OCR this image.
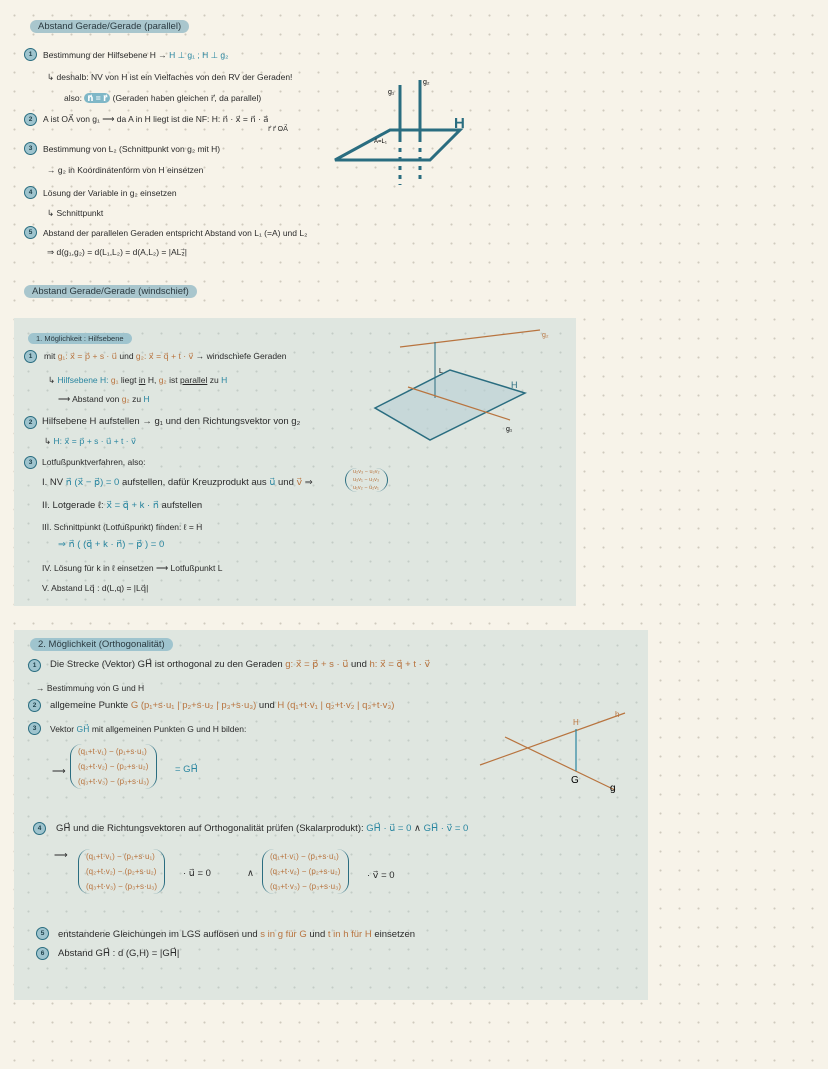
Abstand Gerade/Gerade (parallel)
1	Bestimmung der Hilfsebene H → H ⊥ g₁ ; H ⊥ g₂
↳ deshalb: NV von H ist ein Vielfaches von den RV der Geraden!
also: n⃗ = r⃗ (Geraden haben gleichen r⃗, da parallel)
2	A ist OA⃗ von g₁ ⟶ da A in H liegt ist die NF: H: n⃗ · x⃗ = n⃗ · a⃗
r⃗ r⃗ OA⃗
3	Bestimmung von L₂ (Schnittpunkt von g₂ mit H)
→ g₂ in Koordinatenform von H einsetzen
4	Lösung der Variable in g₂ einsetzen
↳ Schnittpunkt
5	Abstand der parallelen Geraden entspricht Abstand von L₁ (=A) und L₂
⇒ d(g₁,g₂) = d(L₁,L₂) = d(A,L₂) = |AL₂⃗|
g₁
g₂
H
A=L₁
Abstand Gerade/Gerade (windschief)
1. Möglichkeit : Hilfsebene
1	mit g₁: x⃗ = p⃗ + s · u⃗ und g₂: x⃗ = q⃗ + t · v⃗ → windschiefe Geraden
↳ Hilfsebene H: g₁ liegt in H, g₂ ist parallel zu H
⟶ Abstand von g₂ zu H
2	Hilfsebene H aufstellen → g₁ und den Richtungsvektor von g₂
↳ H: x⃗ = p⃗ + s · u⃗ + t · v⃗
3	Lotfußpunktverfahren, also:
I. NV n⃗ (x⃗ − p⃗) = 0 aufstellen, dafür Kreuzprodukt aus u⃗ und v⃗ ⇒
u₂v₃ − u₃v₂
u₃v₁ − u₁v₃
u₁v₂ − u₂v₁
II. Lotgerade ℓ: x⃗ = q⃗ + k · n⃗ aufstellen
III. Schnittpunkt (Lotfußpunkt) finden: ℓ = H
⇒ n⃗ ( (q⃗ + k · n⃗) − p⃗ ) = 0
IV. Lösung für k in ℓ einsetzen ⟶ Lotfußpunkt L
V. Abstand Lq⃗ : d(L,q) = |Lq⃗|
g₂
L
H
g₁
2. Möglichkeit (Orthogonalität)
1	Die Strecke (Vektor) GH⃗ ist orthogonal zu den Geraden g: x⃗ = p⃗ + s · u⃗ und h: x⃗ = q⃗ + t · v⃗
→ Bestimmung von G und H
2	allgemeine Punkte G (p₁+s·u₁ | p₂+s·u₂ | p₃+s·u₃) und H (q₁+t·v₁ | q₂+t·v₂ | q₃+t·v₃)
3	Vektor GH⃗ mit allgemeinen Punkten G und H bilden:
⟶
(q₁+t·v₁) − (p₁+s·u₁)
(q₂+t·v₂) − (p₂+s·u₂)
(q₃+t·v₃) − (p₃+s·u₃)
= GH⃗
4	GH⃗ und die Richtungsvektoren auf Orthogonalität prüfen (Skalarprodukt): GH⃗ · u⃗ = 0 ∧ GH⃗ · v⃗ = 0
⟶ (q₁+t·v₁) − (p₁+s·u₁)
(q₂+t·v₂) − (p₂+s·u₂)
(q₃+t·v₃) − (p₃+s·u₃)
· u⃗ = 0	∧
(q₁+t·v₁) − (p₁+s·u₁)
(q₂+t·v₂) − (p₂+s·u₂)
(q₃+t·v₃) − (p₃+s·u₃)
· v⃗ = 0
5	entstandene Gleichungen im LGS auflösen und s in g für G und t in h für H einsetzen
6	Abstand GH⃗ : d (G,H) = |GH⃗|
H
h
G
g
